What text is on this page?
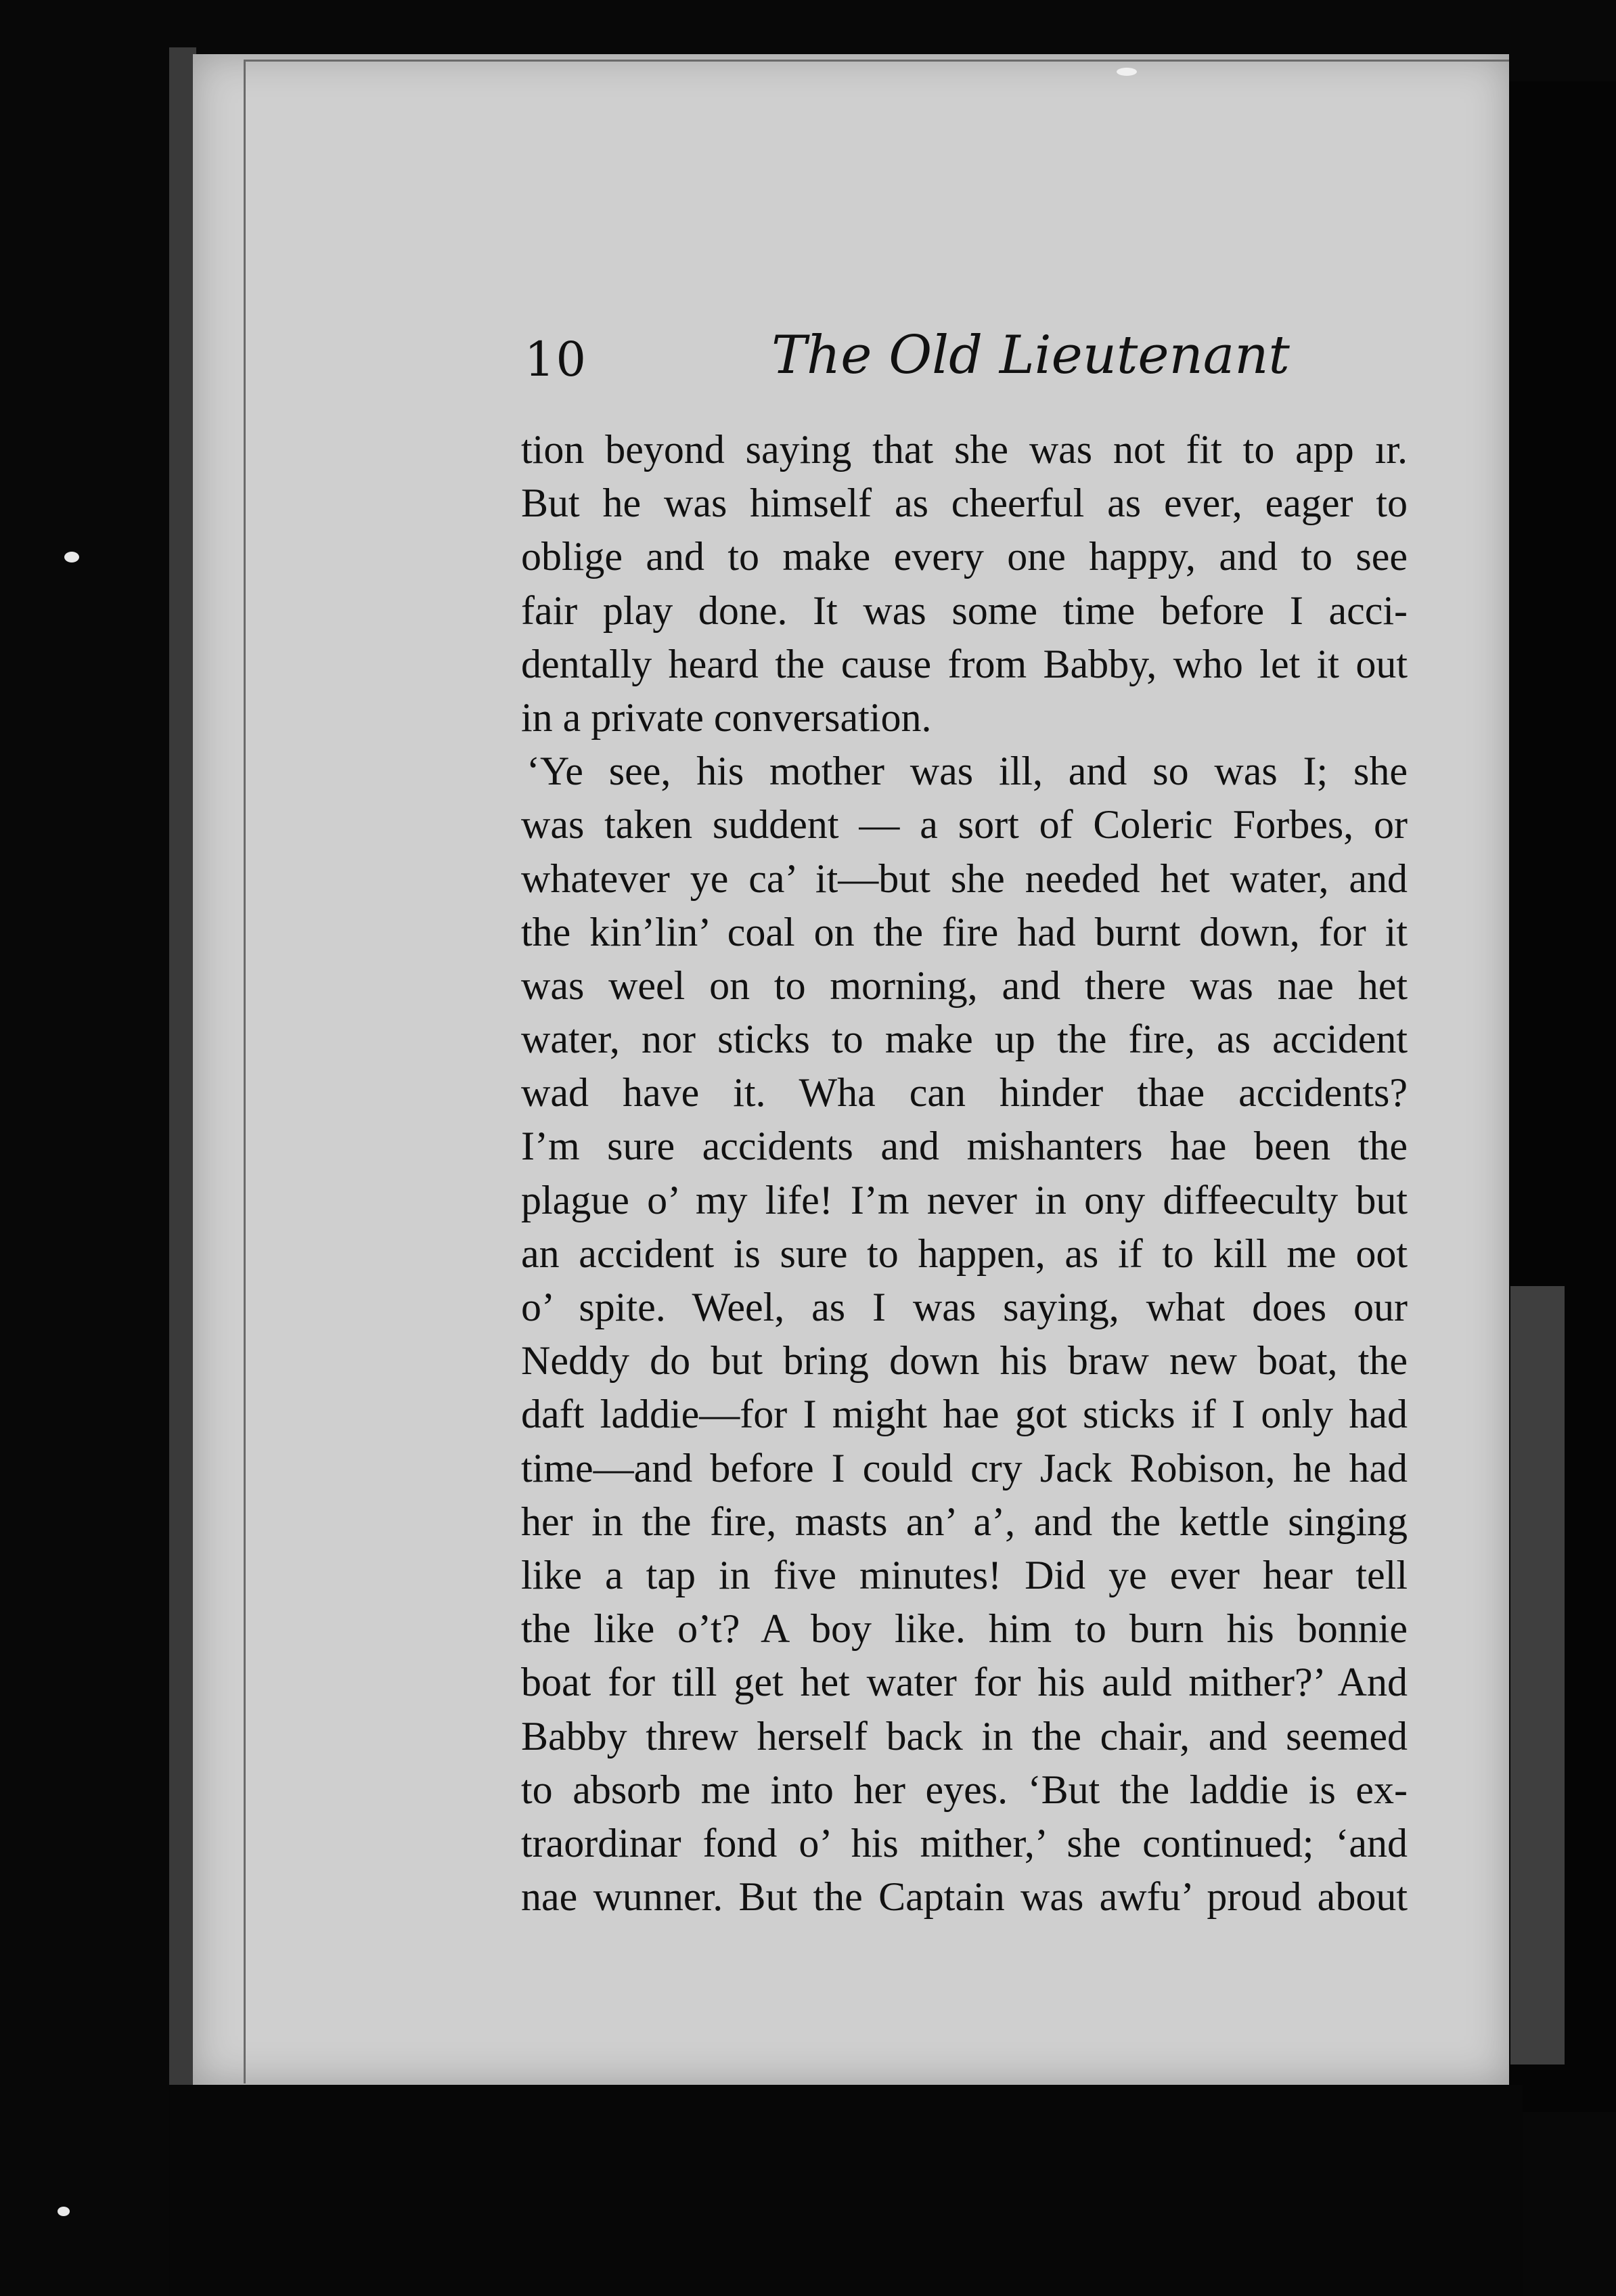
10	The Old Lieutenant
tion beyond saying that she was not fit to app ır.
But he was himself as cheerful as ever, eager to
oblige and to make every one happy, and to see
fair play done. It was some time before I acci-
dentally heard the cause from Babby, who let it out
in a private conversation.
‘Ye see, his mother was ill, and so was I; she
was taken suddent — a sort of Coleric Forbes, or
whatever ye ca’ it—but she needed het water, and
the kin’lin’ coal on the fire had burnt down, for it
was weel on to morning, and there was nae het
water, nor sticks to make up the fire, as accident
wad have it. Wha can hinder thae accidents?
I’m sure accidents and mishanters hae been the
plague o’ my life! I’m never in ony diffeeculty but
an accident is sure to happen, as if to kill me oot
o’ spite. Weel, as I was saying, what does our
Neddy do but bring down his braw new boat, the
daft laddie—for I might hae got sticks if I only had
time—and before I could cry Jack Robison, he had
her in the fire, masts an’ a’, and the kettle singing
like a tap in five minutes! Did ye ever hear tell
the like o’t? A boy like. him to burn his bonnie
boat for till get het water for his auld mither?’ And
Babby threw herself back in the chair, and seemed
to absorb me into her eyes. ‘But the laddie is ex-
traordinar fond o’ his mither,’ she continued; ‘and
nae wunner. But the Captain was awfu’ proud about
